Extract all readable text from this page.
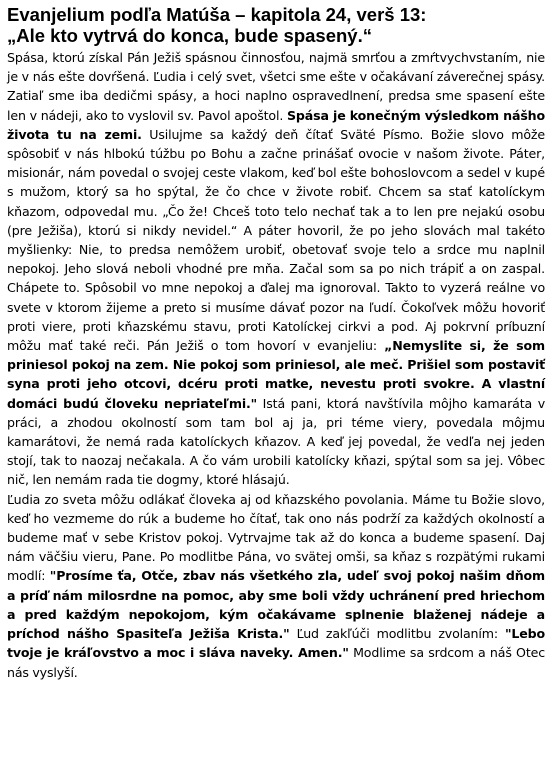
Evanjelium podľa Matúša – kapitola 24, verš 13:
„Ale kto vytrvá do konca, bude spasený.“

Spása, ktorú získal Pán Ježiš spásnou činnosťou, najmä smrťou a zmŕtvychvstaním, nie je v nás ešte dovŕšená. Ľudia i celý svet, všetci sme ešte v očakávaní záverečnej spásy. Zatiaľ sme iba dedičmi spásy, a hoci naplno ospravedlnení, predsa sme spasení ešte len v nádeji, ako to vyslovil sv. Pavol apoštol. Spása je konečným výsledkom nášho života tu na zemi. Usilujme sa každý deň čítať Sväté Písmo. Božie slovo môže spôsobiť v nás hlbokú túžbu po Bohu a začne prinášať ovocie v našom živote. Páter, misionár, nám povedal o svojej ceste vlakom, keď bol ešte bohoslovcom a sedel v kupé s mužom, ktorý sa ho spýtal, že čo chce v živote robiť. Chcem sa stať katolíckym kňazom, odpovedal mu. „Čo že! Chceš toto telo nechať tak a to len pre nejakú osobu (pre Ježiša), ktorú si nikdy nevidel.“ A páter hovoril, že po jeho slovách mal takéto myšlienky: Nie, to predsa nemôžem urobiť, obetovať svoje telo a srdce mu naplnil nepokoj. Jeho slová neboli vhodné pre mňa. Začal som sa po nich trápiť a on zaspal. Chápete to. Spôsobil vo mne nepokoj a ďalej ma ignoroval. Takto to vyzerá reálne vo svete v ktorom žijeme a preto si musíme dávať pozor na ľudí. Čokoľvek môžu hovoriť proti viere, proti kňazskému stavu, proti Katolíckej cirkvi a pod. Aj pokrvní príbuzní môžu mať také reči. Pán Ježiš o tom hovorí v evanjeliu: „Nemyslite si, že som priniesol pokoj na zem. Nie pokoj som priniesol, ale meč. Prišiel som postaviť syna proti jeho otcovi, dcéru proti matke, nevestu proti svokre. A vlastní domáci budú človeku nepriateľmi." Istá pani, ktorá navštívila môjho kamaráta v práci, a zhodou okolností som tam bol aj ja, pri téme viery, povedala môjmu kamarátovi, že nemá rada katolíckych kňazov. A keď jej povedal, že vedľa nej jeden stojí, tak to naozaj nečakala. A čo vám urobili katolícky kňazi, spýtal som sa jej. Vôbec nič, len nemám rada tie dogmy, ktoré hlásajú.

Ľudia zo sveta môžu odlákať človeka aj od kňazského povolania. Máme tu Božie slovo, keď ho vezmeme do rúk a budeme ho čítať, tak ono nás podrží za každých okolností a budeme mať v sebe Kristov pokoj. Vytrvajme tak až do konca a budeme spasení. Daj nám väčšiu vieru, Pane. Po modlitbe Pána, vo svätej omši, sa kňaz s rozpätými rukami modlí: "Prosíme ťa, Otče, zbav nás všetkého zla, udeľ svoj pokoj našim dňom a príď nám milosrdne na pomoc, aby sme boli vždy uchránení pred hriechom a pred každým nepokojom, kým očakávame splnenie blaženej nádeje a príchod nášho Spasiteľa Ježiša Krista." Ľud zakľúči modlitbu zvolaním: "Lebo tvoje je kráľovstvo a moc i sláva naveky. Amen." Modlime sa srdcom a náš Otec nás vyslyší.
